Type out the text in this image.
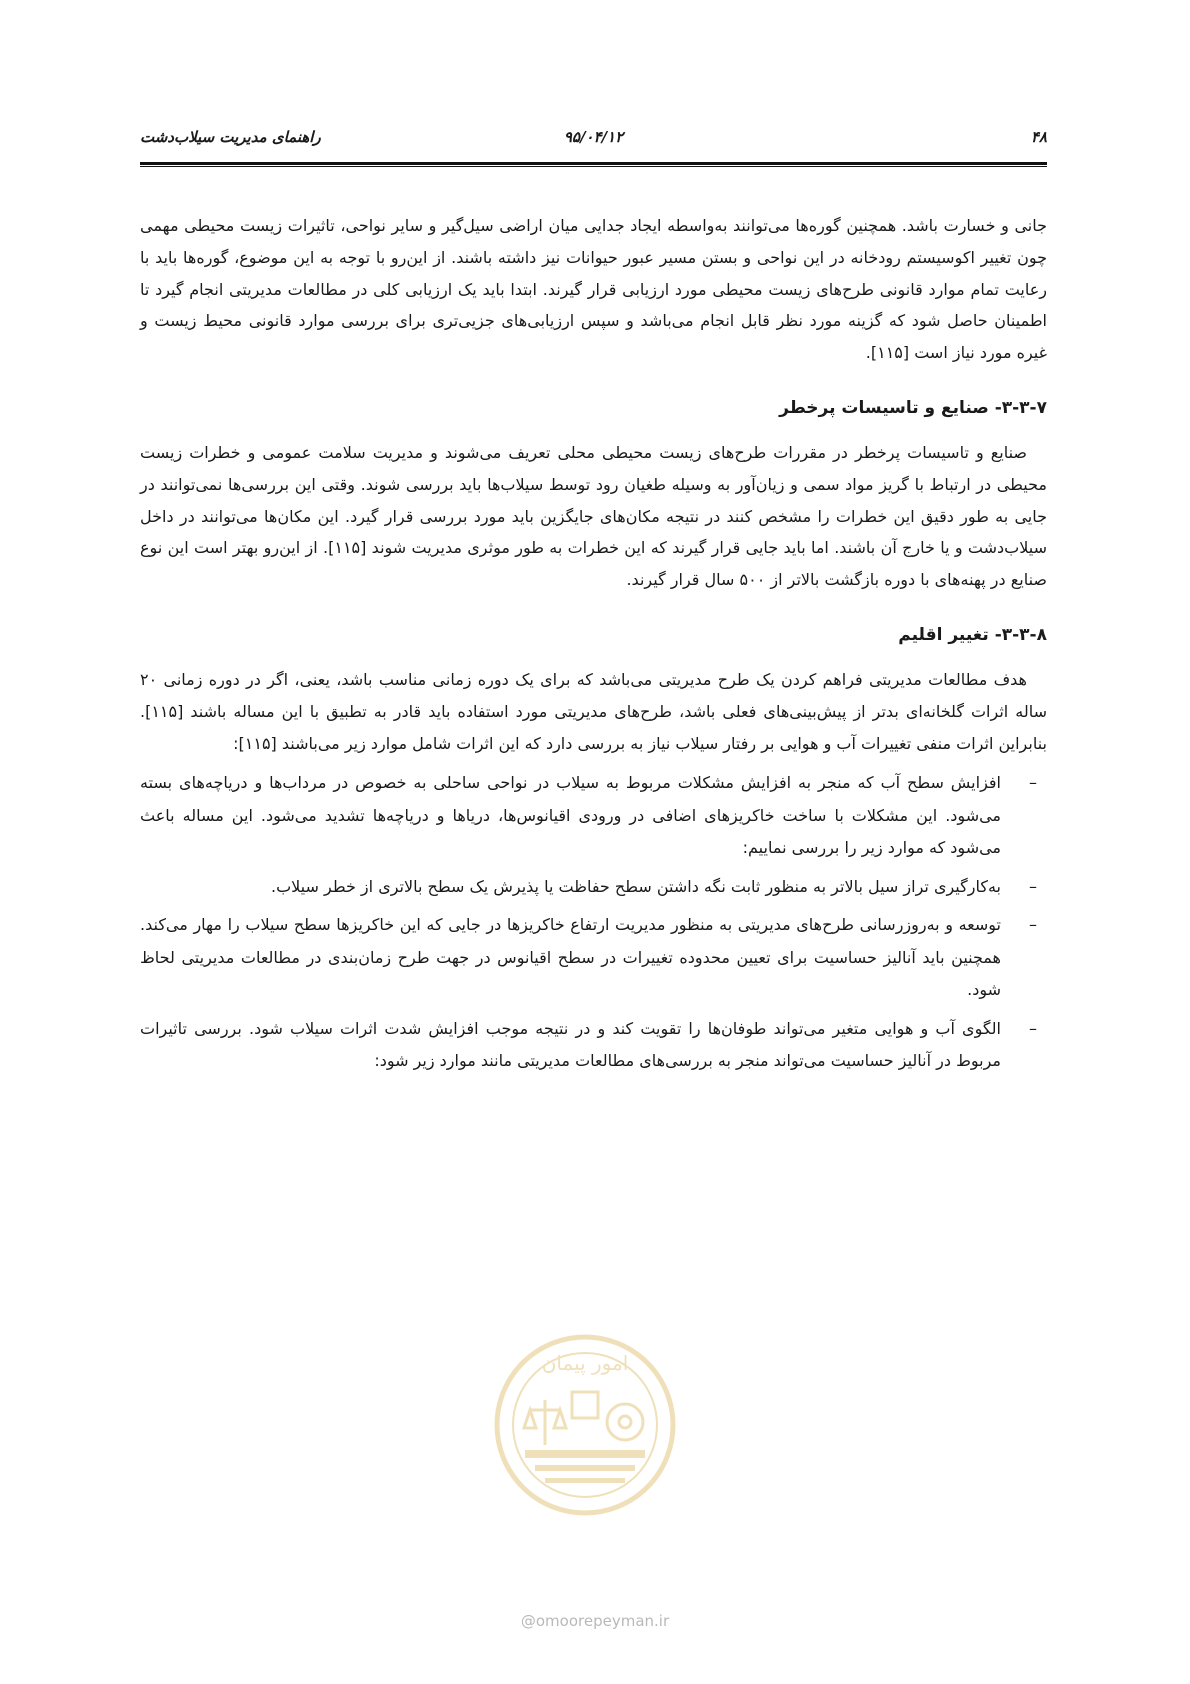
۴۸
۹۵/۰۴/۱۲
راهنمای مدیریت سیلاب‌دشت

جانی و خسارت باشد. همچنین گوره‌ها می‌توانند به‌واسطه ایجاد جدایی میان اراضی سیل‌گیر و سایر نواحی، تاثیرات زیست محیطی مهمی چون تغییر اکوسیستم رودخانه در این نواحی و بستن مسیر عبور حیوانات نیز داشته باشند. از این‌رو با توجه به این موضوع، گوره‌ها باید با رعایت تمام موارد قانونی طرح‌های زیست محیطی مورد ارزیابی قرار گیرند. ابتدا باید یک ارزیابی کلی در مطالعات مدیریتی انجام گیرد تا اطمینان حاصل شود که گزینه مورد نظر قابل انجام می‌باشد و سپس ارزیابی‌های جزیی‌تری برای بررسی موارد قانونی محیط زیست و غیره مورد نیاز است [۱۱۵].

۳-۳-۷- صنایع و تاسیسات پرخطر

صنایع و تاسیسات پرخطر در مقررات طرح‌های زیست محیطی محلی تعریف می‌شوند و مدیریت سلامت عمومی و خطرات زیست محیطی در ارتباط با گریز مواد سمی و زیان‌آور به وسیله طغیان رود توسط سیلاب‌ها باید بررسی شوند. وقتی این بررسی‌ها نمی‌توانند در جایی به طور دقیق این خطرات را مشخص کنند در نتیجه مکان‌های جایگزین باید مورد بررسی قرار گیرد. این مکان‌ها می‌توانند در داخل سیلاب‌دشت و یا خارج آن باشند. اما باید جایی قرار گیرند که این خطرات به طور موثری مدیریت شوند [۱۱۵]. از این‌رو بهتر است این نوع صنایع در پهنه‌های با دوره بازگشت بالاتر از ۵۰۰ سال قرار گیرند.

۳-۳-۸- تغییر اقلیم

هدف مطالعات مدیریتی فراهم کردن یک طرح مدیریتی می‌باشد که برای یک دوره زمانی مناسب باشد، یعنی، اگر در دوره زمانی ۲۰ ساله اثرات گلخانه‌ای بدتر از پیش‌بینی‌های فعلی باشد، طرح‌های مدیریتی مورد استفاده باید قادر به تطبیق با این مساله باشند [۱۱۵]. بنابراین اثرات منفی تغییرات آب و هوایی بر رفتار سیلاب نیاز به بررسی دارد که این اثرات شامل موارد زیر می‌باشند [۱۱۵]:

–
افزایش سطح آب که منجر به افزایش مشکلات مربوط به سیلاب در نواحی ساحلی به خصوص در مرداب‌ها و دریاچه‌های بسته می‌شود. این مشکلات با ساخت خاکریزهای اضافی در ورودی اقیانوس‌ها، دریاها و دریاچه‌ها تشدید می‌شود. این مساله باعث می‌شود که موارد زیر را بررسی نماییم:
–
به‌کارگیری تراز سیل بالاتر به منظور ثابت نگه داشتن سطح حفاظت یا پذیرش یک سطح بالاتری از خطر سیلاب.
–
توسعه و به‌روزرسانی طرح‌های مدیریتی به منظور مدیریت ارتفاع خاکریزها در جایی که این خاکریزها سطح سیلاب را مهار می‌کند. همچنین باید آنالیز حساسیت برای تعیین محدوده تغییرات در سطح اقیانوس در جهت طرح زمان‌بندی در مطالعات مدیریتی لحاظ شود.
–
الگوی آب و هوایی متغیر می‌تواند طوفان‌ها را تقویت کند و در نتیجه موجب افزایش شدت اثرات سیلاب شود. بررسی تاثیرات مربوط در آنالیز حساسیت می‌تواند منجر به بررسی‌های مطالعات مدیریتی مانند موارد زیر شود:
امور پیمان
@omoorepeyman.ir
